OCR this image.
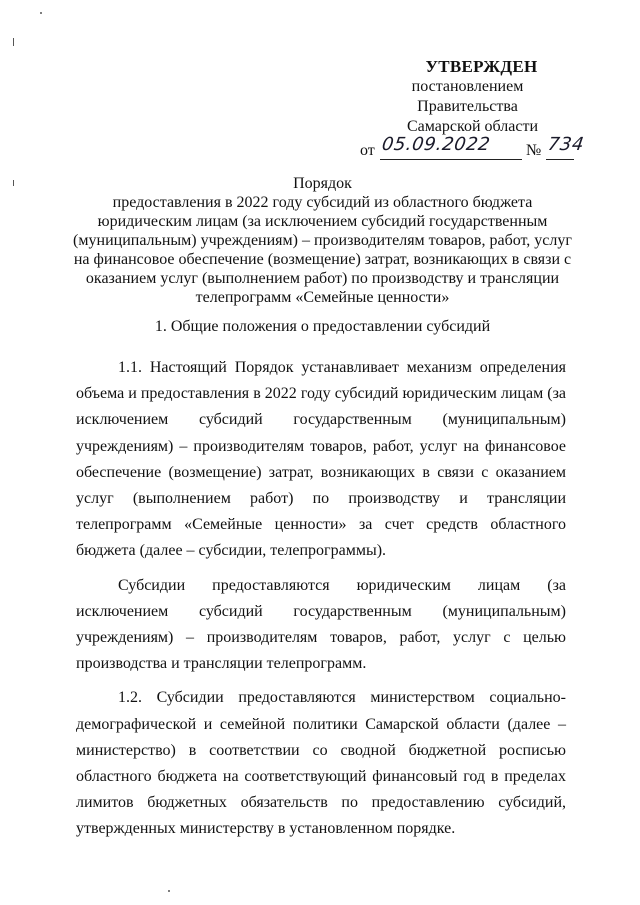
УТВЕРЖДЕН
постановлением Правительства
Самарской области
от 05.09.2022 № 734
Порядок
предоставления в 2022 году субсидий из областного бюджета
юридическим лицам (за исключением субсидий государственным
(муниципальным) учреждениям) – производителям товаров, работ, услуг
на финансовое обеспечение (возмещение) затрат, возникающих в связи с
оказанием услуг (выполнением работ) по производству и трансляции
телепрограмм «Семейные ценности»
1. Общие положения о предоставлении субсидий

1.1. Настоящий Порядок устанавливает механизм определения объема и предоставления в 2022 году субсидий юридическим лицам (за исключением субсидий государственным (муниципальным) учреждениям) – производителям товаров, работ, услуг на финансовое обеспечение (возмещение) затрат, возникающих в связи с оказанием услуг (выполнением работ) по производству и трансляции телепрограмм «Семейные ценности» за счет средств областного бюджета (далее – субсидии, телепрограммы).

Субсидии предоставляются юридическим лицам (за исключением субсидий государственным (муниципальным) учреждениям) – производителям товаров, работ, услуг с целью производства и трансляции телепрограмм.

1.2. Субсидии предоставляются министерством социально-демографической и семейной политики Самарской области (далее – министерство) в соответствии со сводной бюджетной росписью областного бюджета на соответствующий финансовый год в пределах лимитов бюджетных обязательств по предоставлению субсидий, утвержденных министерству в установленном порядке.
